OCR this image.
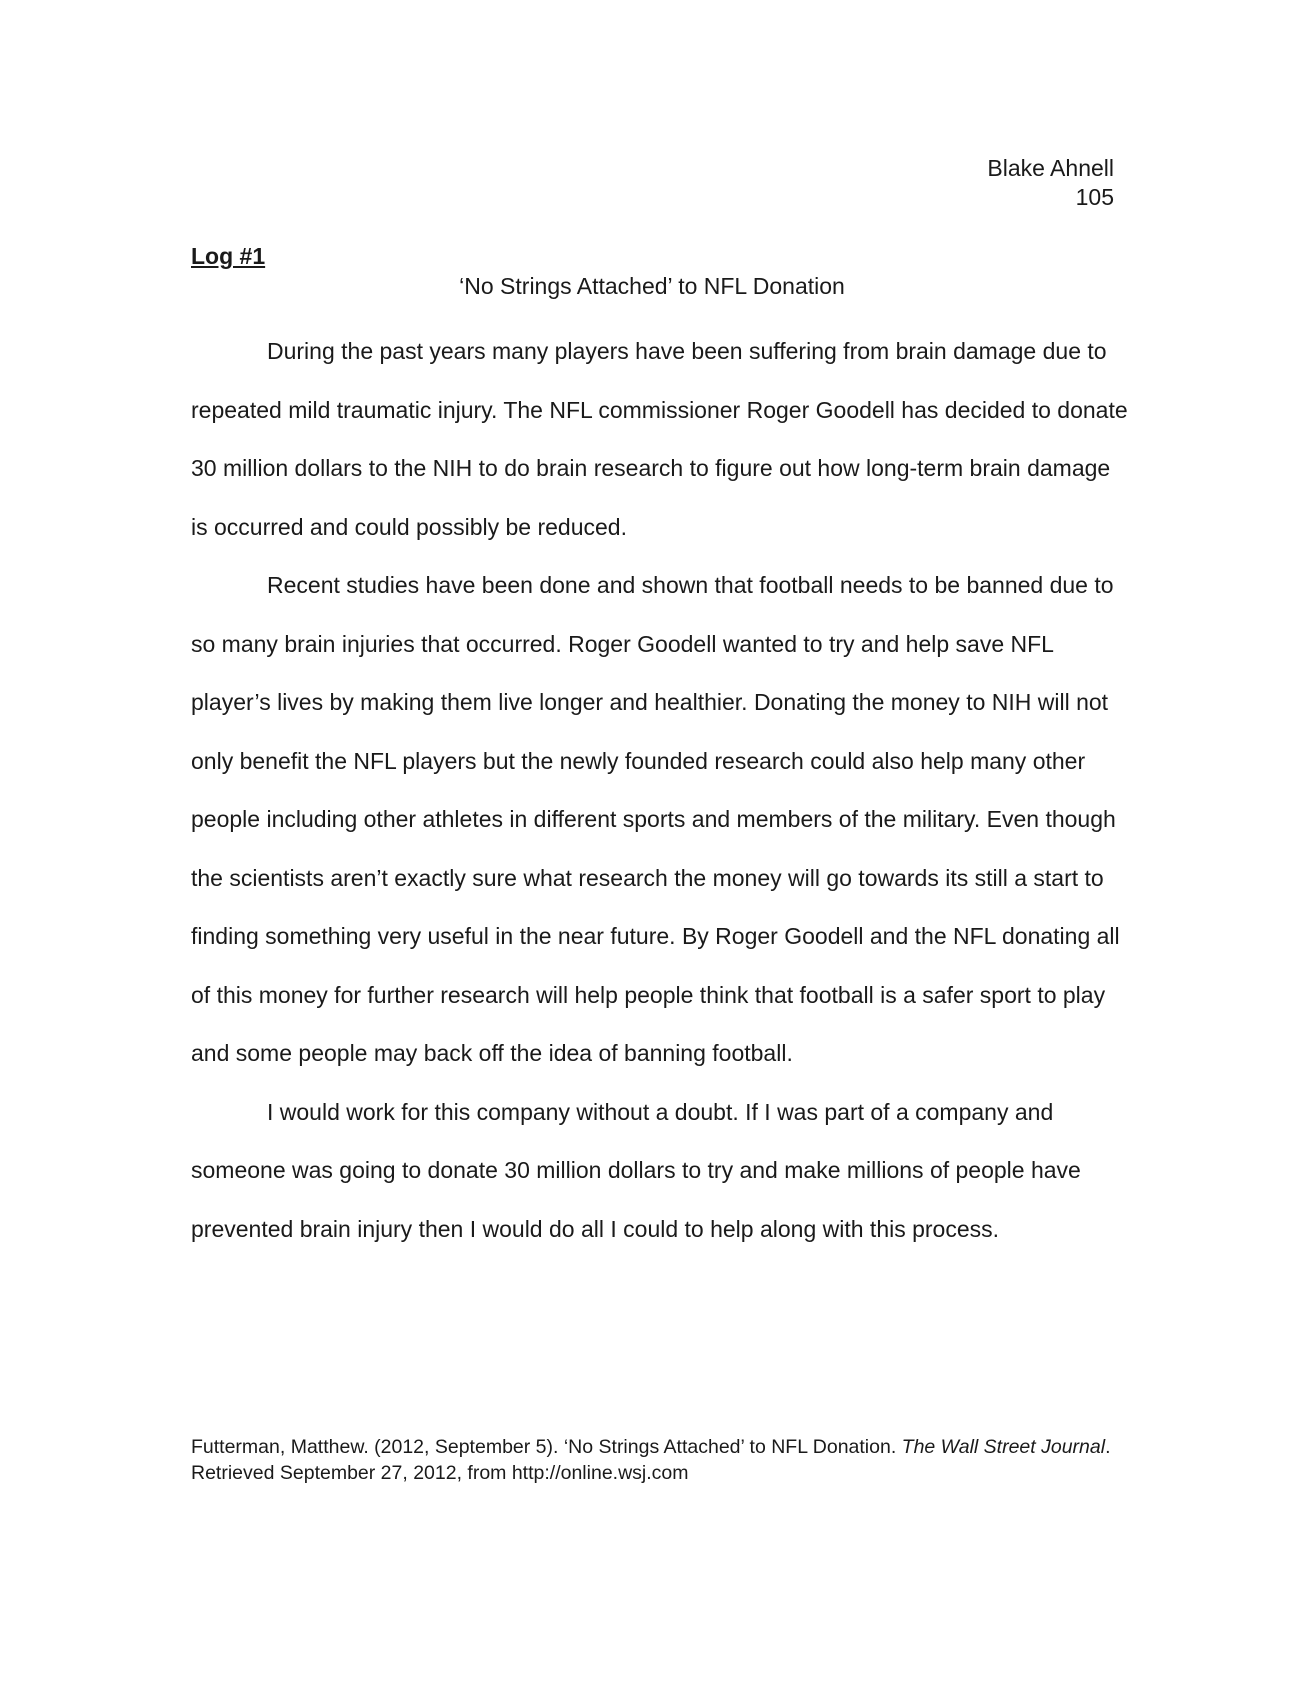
Blake Ahnell
105
Log #1
‘No Strings Attached’ to NFL Donation

During the past years many players have been suffering from brain damage due to repeated mild traumatic injury. The NFL commissioner Roger Goodell has decided to donate 30 million dollars to the NIH to do brain research to figure out how long-term brain damage is occurred and could possibly be reduced.

Recent studies have been done and shown that football needs to be banned due to so many brain injuries that occurred. Roger Goodell wanted to try and help save NFL player’s lives by making them live longer and healthier. Donating the money to NIH will not only benefit the NFL players but the newly founded research could also help many other people including other athletes in different sports and members of the military. Even though the scientists aren’t exactly sure what research the money will go towards its still a start to finding something very useful in the near future. By Roger Goodell and the NFL donating all of this money for further research will help people think that football is a safer sport to play and some people may back off the idea of banning football.

I would work for this company without a doubt. If I was part of a company and someone was going to donate 30 million dollars to try and make millions of people have prevented brain injury then I would do all I could to help along with this process.

Futterman, Matthew. (2012, September 5). ‘No Strings Attached’ to NFL Donation. The Wall Street Journal. Retrieved September 27, 2012, from http://online.wsj.com
